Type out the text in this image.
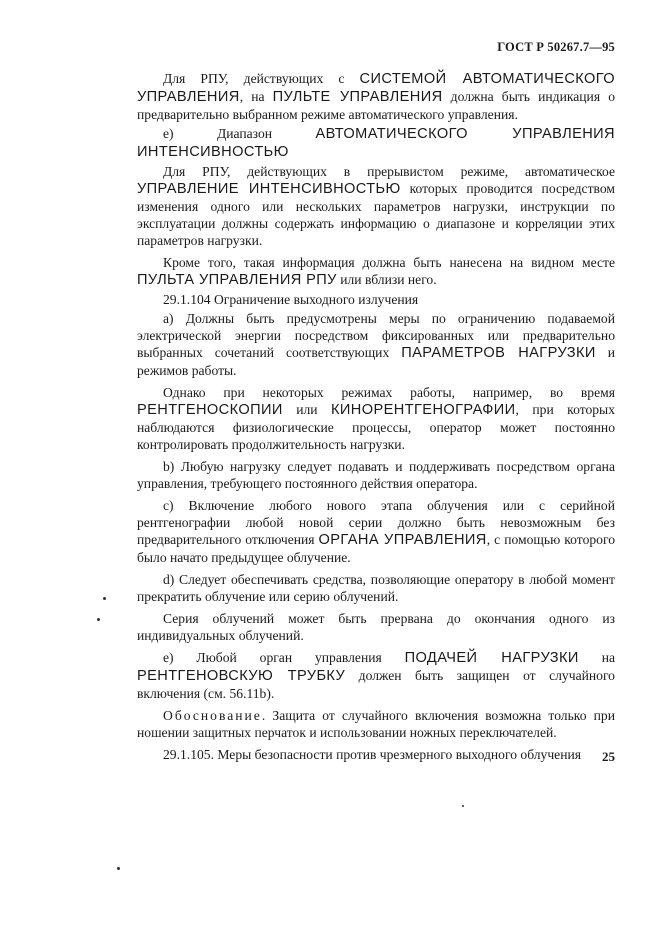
ГОСТ Р 50267.7—95

Для РПУ, действующих с СИСТЕМОЙ АВТОМАТИЧЕСКОГО УПРАВЛЕНИЯ, на ПУЛЬТЕ УПРАВЛЕНИЯ должна быть индикация о предварительно выбранном режиме автоматического управления.

е) Диапазон АВТОМАТИЧЕСКОГО УПРАВЛЕНИЯ ИНТЕНСИВНОСТЬЮ

Для РПУ, действующих в прерывистом режиме, автоматическое УПРАВЛЕНИЕ ИНТЕНСИВНОСТЬЮ которых проводится посредством изменения одного или нескольких параметров нагрузки, инструкции по эксплуатации должны содержать информацию о диапазоне и корреляции этих параметров нагрузки.

Кроме того, такая информация должна быть нанесена на видном месте ПУЛЬТА УПРАВЛЕНИЯ РПУ или вблизи него.

29.1.104 Ограничение выходного излучения

а) Должны быть предусмотрены меры по ограничению подаваемой электрической энергии посредством фиксированных или предварительно выбранных сочетаний соответствующих ПАРАМЕТРОВ НАГРУЗКИ и режимов работы.

Однако при некоторых режимах работы, например, во время РЕНТГЕНОСКОПИИ или КИНОРЕНТГЕНОГРАФИИ, при которых наблюдаются физиологические процессы, оператор может постоянно контролировать продолжительность нагрузки.

b) Любую нагрузку следует подавать и поддерживать посредством органа управления, требующего постоянного действия оператора.

с) Включение любого нового этапа облучения или с серийной рентгенографии любой новой серии должно быть невозможным без предварительного отключения ОРГАНА УПРАВЛЕНИЯ, с помощью которого было начато предыдущее облучение.

d) Следует обеспечивать средства, позволяющие оператору в любой момент прекратить облучение или серию облучений.

Серия облучений может быть прервана до окончания одного из индивидуальных облучений.

е) Любой орган управления ПОДАЧЕЙ НАГРУЗКИ на РЕНТГЕНОВСКУЮ ТРУБКУ должен быть защищен от случайного включения (см. 56.11b).

Обоснование. Защита от случайного включения возможна только при ношении защитных перчаток и использовании ножных переключателей.

29.1.105. Меры безопасности против чрезмерного выходного облучения	25
